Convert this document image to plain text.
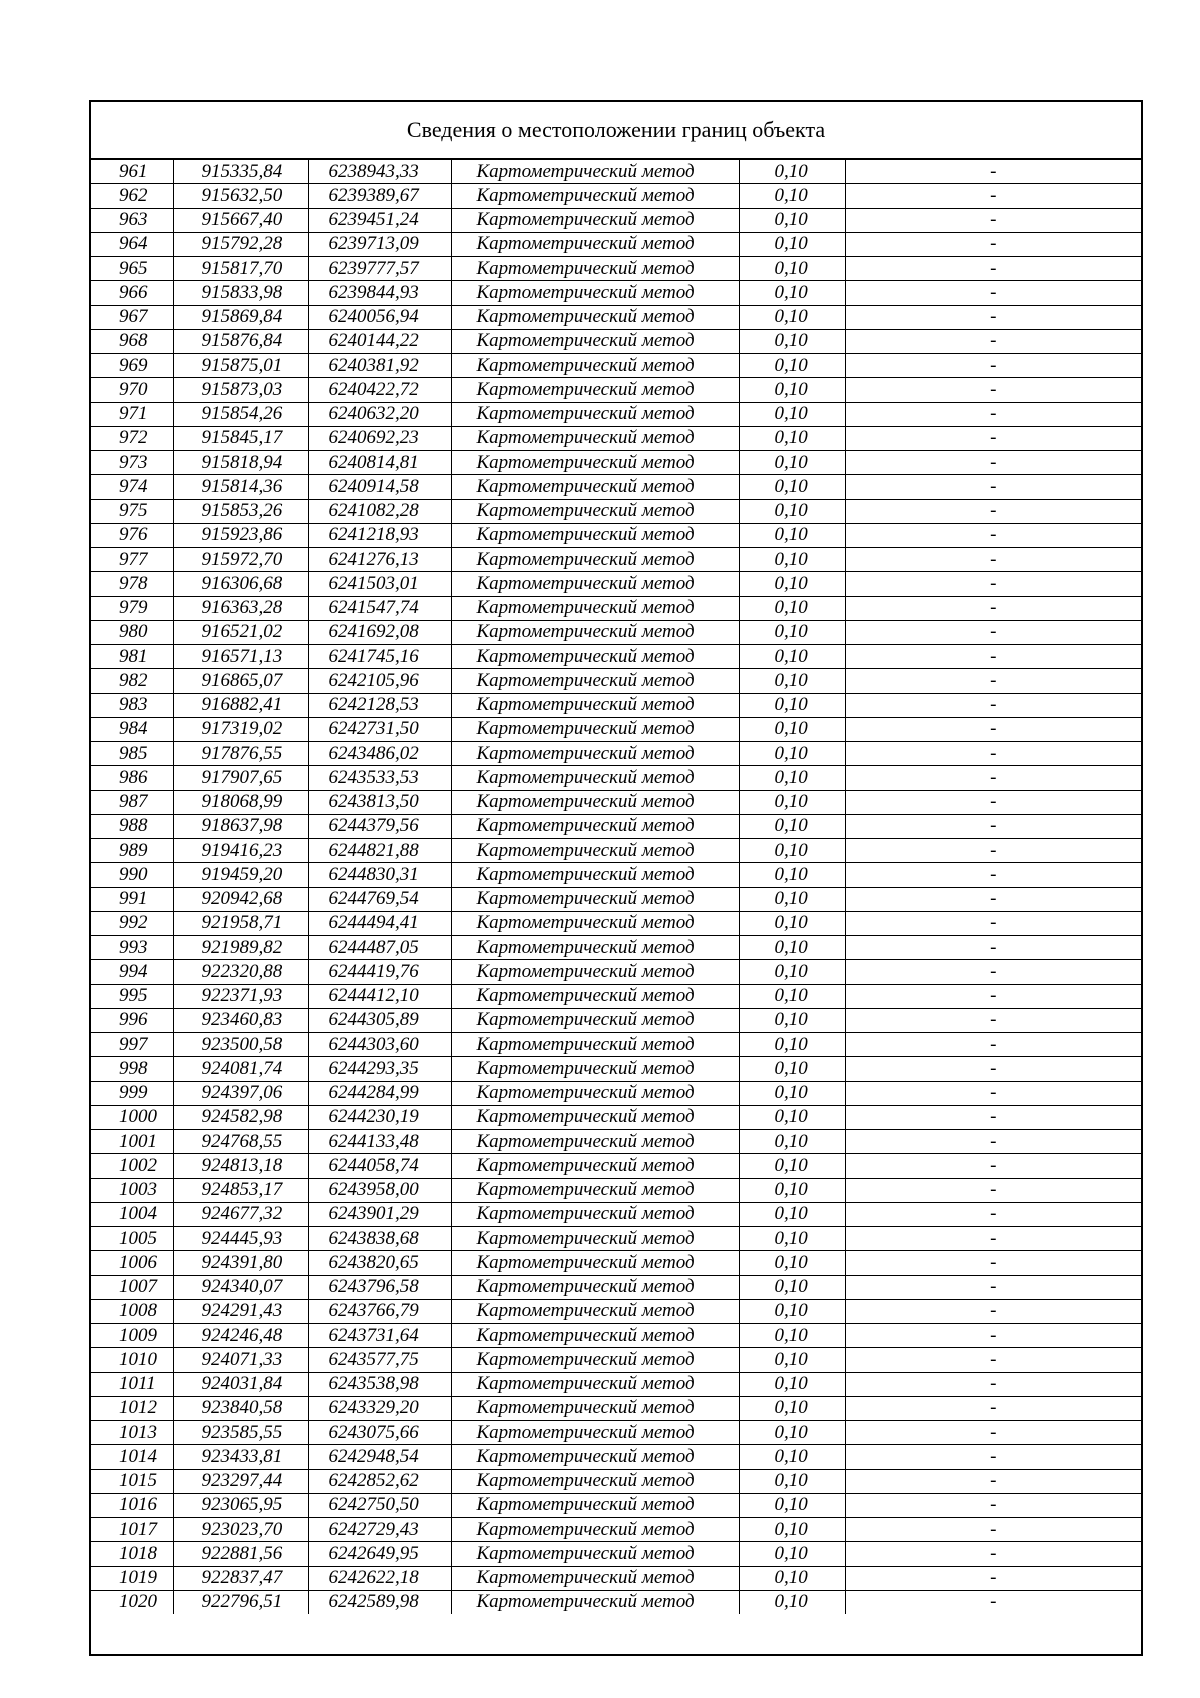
Сведения о местоположении границ объекта
961	915335,84	6238943,33	Картометрический метод	0,10	-
962	915632,50	6239389,67	Картометрический метод	0,10	-
963	915667,40	6239451,24	Картометрический метод	0,10	-
964	915792,28	6239713,09	Картометрический метод	0,10	-
965	915817,70	6239777,57	Картометрический метод	0,10	-
966	915833,98	6239844,93	Картометрический метод	0,10	-
967	915869,84	6240056,94	Картометрический метод	0,10	-
968	915876,84	6240144,22	Картометрический метод	0,10	-
969	915875,01	6240381,92	Картометрический метод	0,10	-
970	915873,03	6240422,72	Картометрический метод	0,10	-
971	915854,26	6240632,20	Картометрический метод	0,10	-
972	915845,17	6240692,23	Картометрический метод	0,10	-
973	915818,94	6240814,81	Картометрический метод	0,10	-
974	915814,36	6240914,58	Картометрический метод	0,10	-
975	915853,26	6241082,28	Картометрический метод	0,10	-
976	915923,86	6241218,93	Картометрический метод	0,10	-
977	915972,70	6241276,13	Картометрический метод	0,10	-
978	916306,68	6241503,01	Картометрический метод	0,10	-
979	916363,28	6241547,74	Картометрический метод	0,10	-
980	916521,02	6241692,08	Картометрический метод	0,10	-
981	916571,13	6241745,16	Картометрический метод	0,10	-
982	916865,07	6242105,96	Картометрический метод	0,10	-
983	916882,41	6242128,53	Картометрический метод	0,10	-
984	917319,02	6242731,50	Картометрический метод	0,10	-
985	917876,55	6243486,02	Картометрический метод	0,10	-
986	917907,65	6243533,53	Картометрический метод	0,10	-
987	918068,99	6243813,50	Картометрический метод	0,10	-
988	918637,98	6244379,56	Картометрический метод	0,10	-
989	919416,23	6244821,88	Картометрический метод	0,10	-
990	919459,20	6244830,31	Картометрический метод	0,10	-
991	920942,68	6244769,54	Картометрический метод	0,10	-
992	921958,71	6244494,41	Картометрический метод	0,10	-
993	921989,82	6244487,05	Картометрический метод	0,10	-
994	922320,88	6244419,76	Картометрический метод	0,10	-
995	922371,93	6244412,10	Картометрический метод	0,10	-
996	923460,83	6244305,89	Картометрический метод	0,10	-
997	923500,58	6244303,60	Картометрический метод	0,10	-
998	924081,74	6244293,35	Картометрический метод	0,10	-
999	924397,06	6244284,99	Картометрический метод	0,10	-
1000	924582,98	6244230,19	Картометрический метод	0,10	-
1001	924768,55	6244133,48	Картометрический метод	0,10	-
1002	924813,18	6244058,74	Картометрический метод	0,10	-
1003	924853,17	6243958,00	Картометрический метод	0,10	-
1004	924677,32	6243901,29	Картометрический метод	0,10	-
1005	924445,93	6243838,68	Картометрический метод	0,10	-
1006	924391,80	6243820,65	Картометрический метод	0,10	-
1007	924340,07	6243796,58	Картометрический метод	0,10	-
1008	924291,43	6243766,79	Картометрический метод	0,10	-
1009	924246,48	6243731,64	Картометрический метод	0,10	-
1010	924071,33	6243577,75	Картометрический метод	0,10	-
1011	924031,84	6243538,98	Картометрический метод	0,10	-
1012	923840,58	6243329,20	Картометрический метод	0,10	-
1013	923585,55	6243075,66	Картометрический метод	0,10	-
1014	923433,81	6242948,54	Картометрический метод	0,10	-
1015	923297,44	6242852,62	Картометрический метод	0,10	-
1016	923065,95	6242750,50	Картометрический метод	0,10	-
1017	923023,70	6242729,43	Картометрический метод	0,10	-
1018	922881,56	6242649,95	Картометрический метод	0,10	-
1019	922837,47	6242622,18	Картометрический метод	0,10	-
1020	922796,51	6242589,98	Картометрический метод	0,10	-
